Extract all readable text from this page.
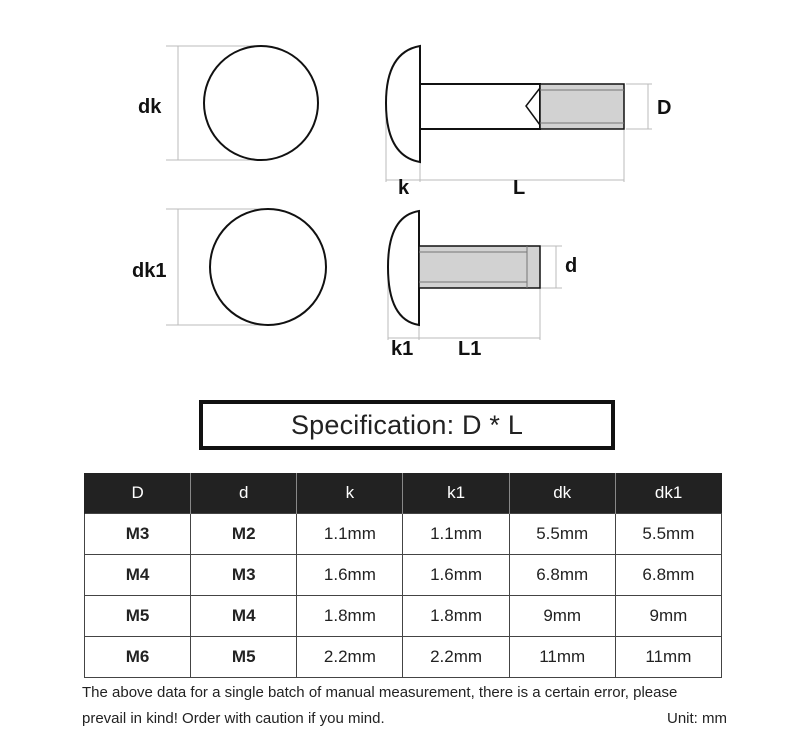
dk
dk1
D
d
k	L
k1 L1
Specification: D * L
D	d	k	k1	dk	dk1
M3	M2	1.1mm	1.1mm	5.5mm	5.5mm
M4	M3	1.6mm	1.6mm	6.8mm	6.8mm
M5	M4	1.8mm	1.8mm	9mm	9mm
M6	M5	2.2mm	2.2mm	11mm	11mm
The above data for a single batch of manual measurement, there is a certain error, please
prevail in kind! Order with caution if you mind.	Unit: mm
